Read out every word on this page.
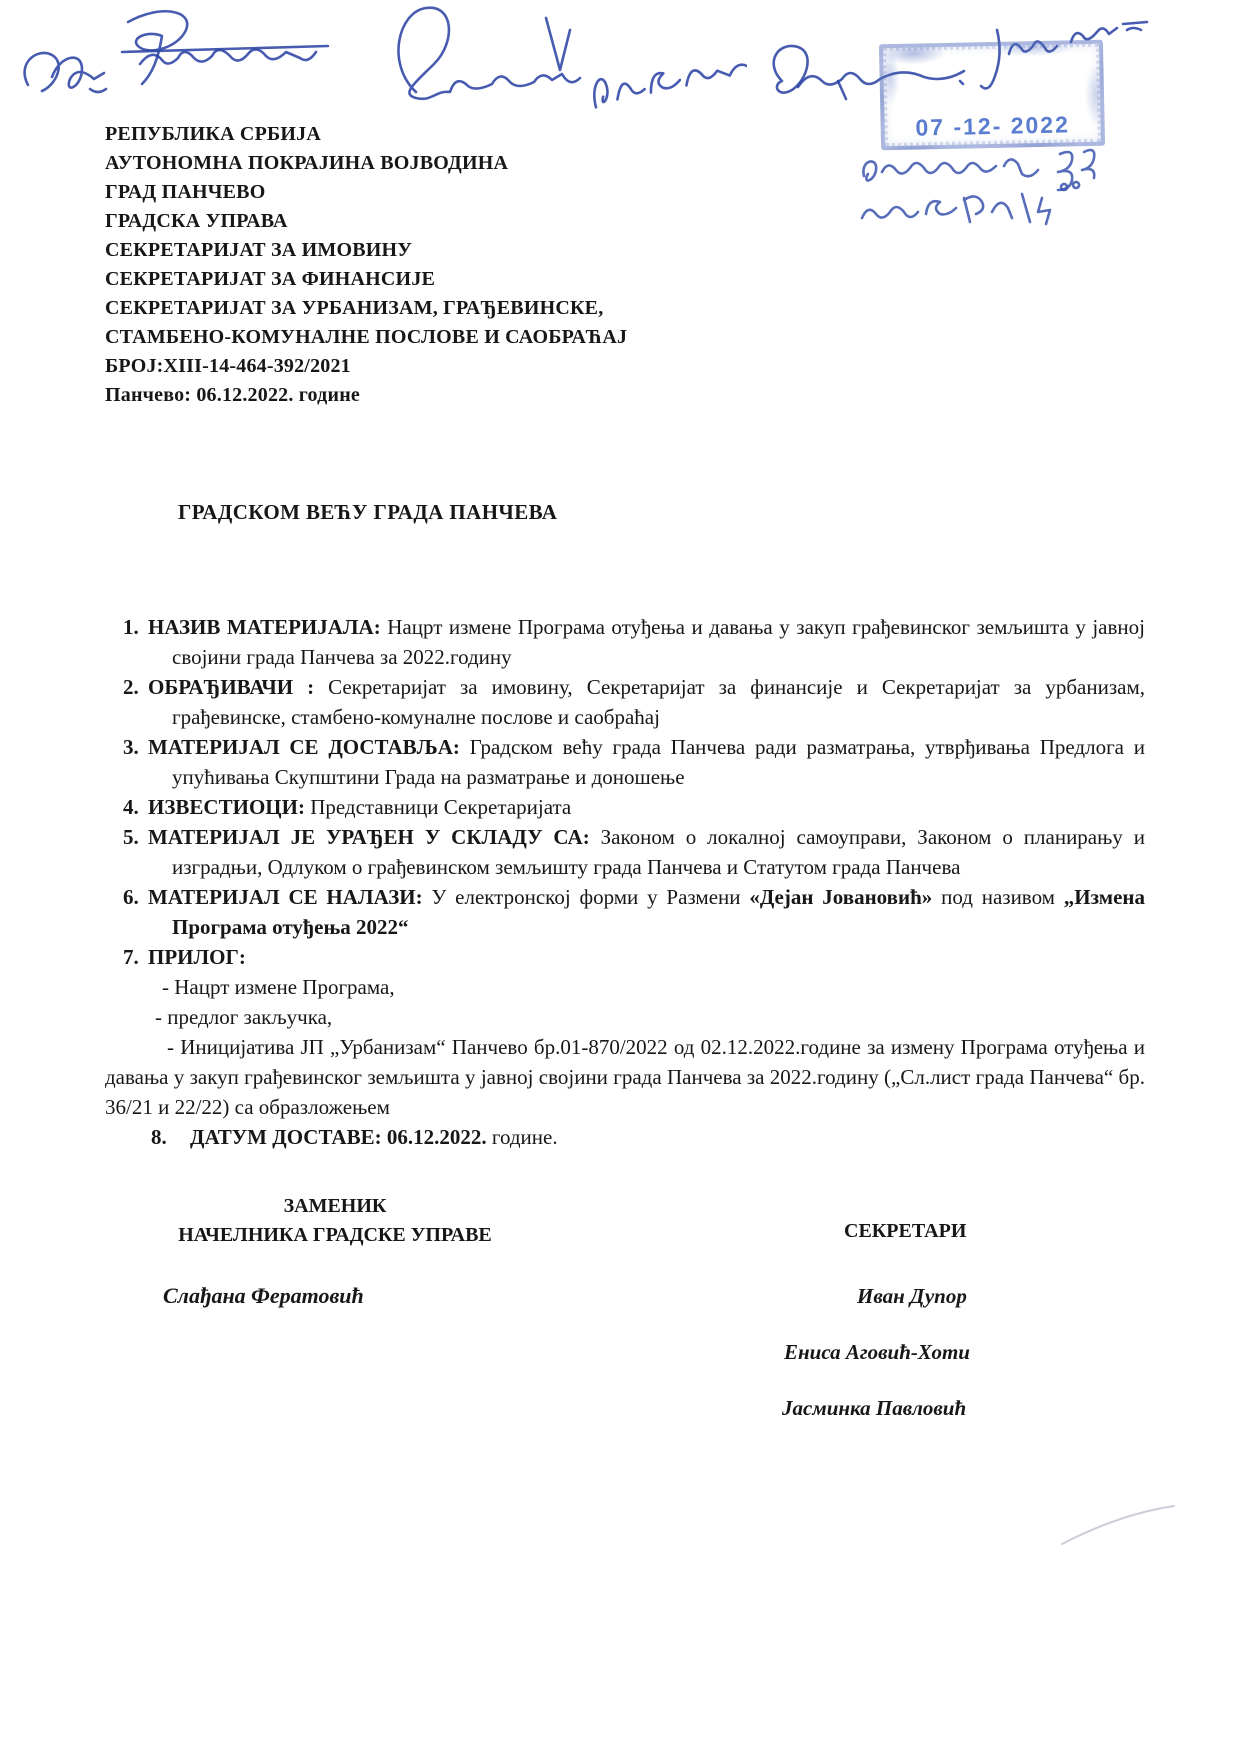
07 -12- 2022

РЕПУБЛИКА СРБИЈА
АУТОНОМНА ПОКРАЈИНА ВОЈВОДИНА
ГРАД ПАНЧЕВО
ГРАДСКА УПРАВА
СЕКРЕТАРИЈАТ ЗА ИМОВИНУ
СЕКРЕТАРИЈАТ ЗА ФИНАНСИЈЕ
СЕКРЕТАРИЈАТ ЗА УРБАНИЗАМ, ГРАЂЕВИНСКЕ,
СТАМБЕНО-КОМУНАЛНЕ ПОСЛОВЕ И САОБРАЋАЈ
БРОЈ:XIII-14-464-392/2021
Панчево: 06.12.2022. године
ГРАДСКОМ ВЕЋУ ГРАДА ПАНЧЕВА
1. НАЗИВ МАТЕРИЈАЛА: Нацрт измене Програма отуђења и давања у закуп грађевинског земљишта у јавној својини града Панчева за 2022.годину
2. ОБРАЂИВАЧИ : Секретаријат за имовину, Секретаријат за финансије и Секретаријат за урбанизам, грађевинске, стамбено-комуналне послове и саобраћај
3. МАТЕРИЈАЛ СЕ ДОСТАВЉА: Градском већу града Панчева ради разматрања, утврђивања Предлога и упућивања Скупштини Града на разматрање и доношење
4. ИЗВЕСТИОЦИ: Представници Секретаријата
5. МАТЕРИЈАЛ ЈЕ УРАЂЕН У СКЛАДУ СА: Законом о локалној самоуправи, Законом о планирању и изградњи, Одлуком о грађевинском земљишту града Панчева и Статутом града Панчева
6. МАТЕРИЈАЛ СЕ НАЛАЗИ: У електронској форми у Размени «Дејан Јовановић» под називом „Измена Програма отуђења 2022“
7. ПРИЛОГ:
- Нацрт измене Програма,
- предлог закључка,
- Иницијатива ЈП „Урбанизам“ Панчево бр.01-870/2022 од 02.12.2022.године за измену Програма отуђења и давања у закуп грађевинског земљишта у јавној својини града Панчева за 2022.годину („Сл.лист града Панчева“ бр. 36/21 и 22/22) са образложењем
8. ДАТУМ ДОСТАВЕ: 06.12.2022. године.
ЗАМЕНИК
НАЧЕЛНИКА ГРАДСКЕ УПРАВЕ
Слађана Фератовић

СЕКРЕТАРИ

Иван Дупор

Ениса Аговић-Хоти
Јасминка Павловић
